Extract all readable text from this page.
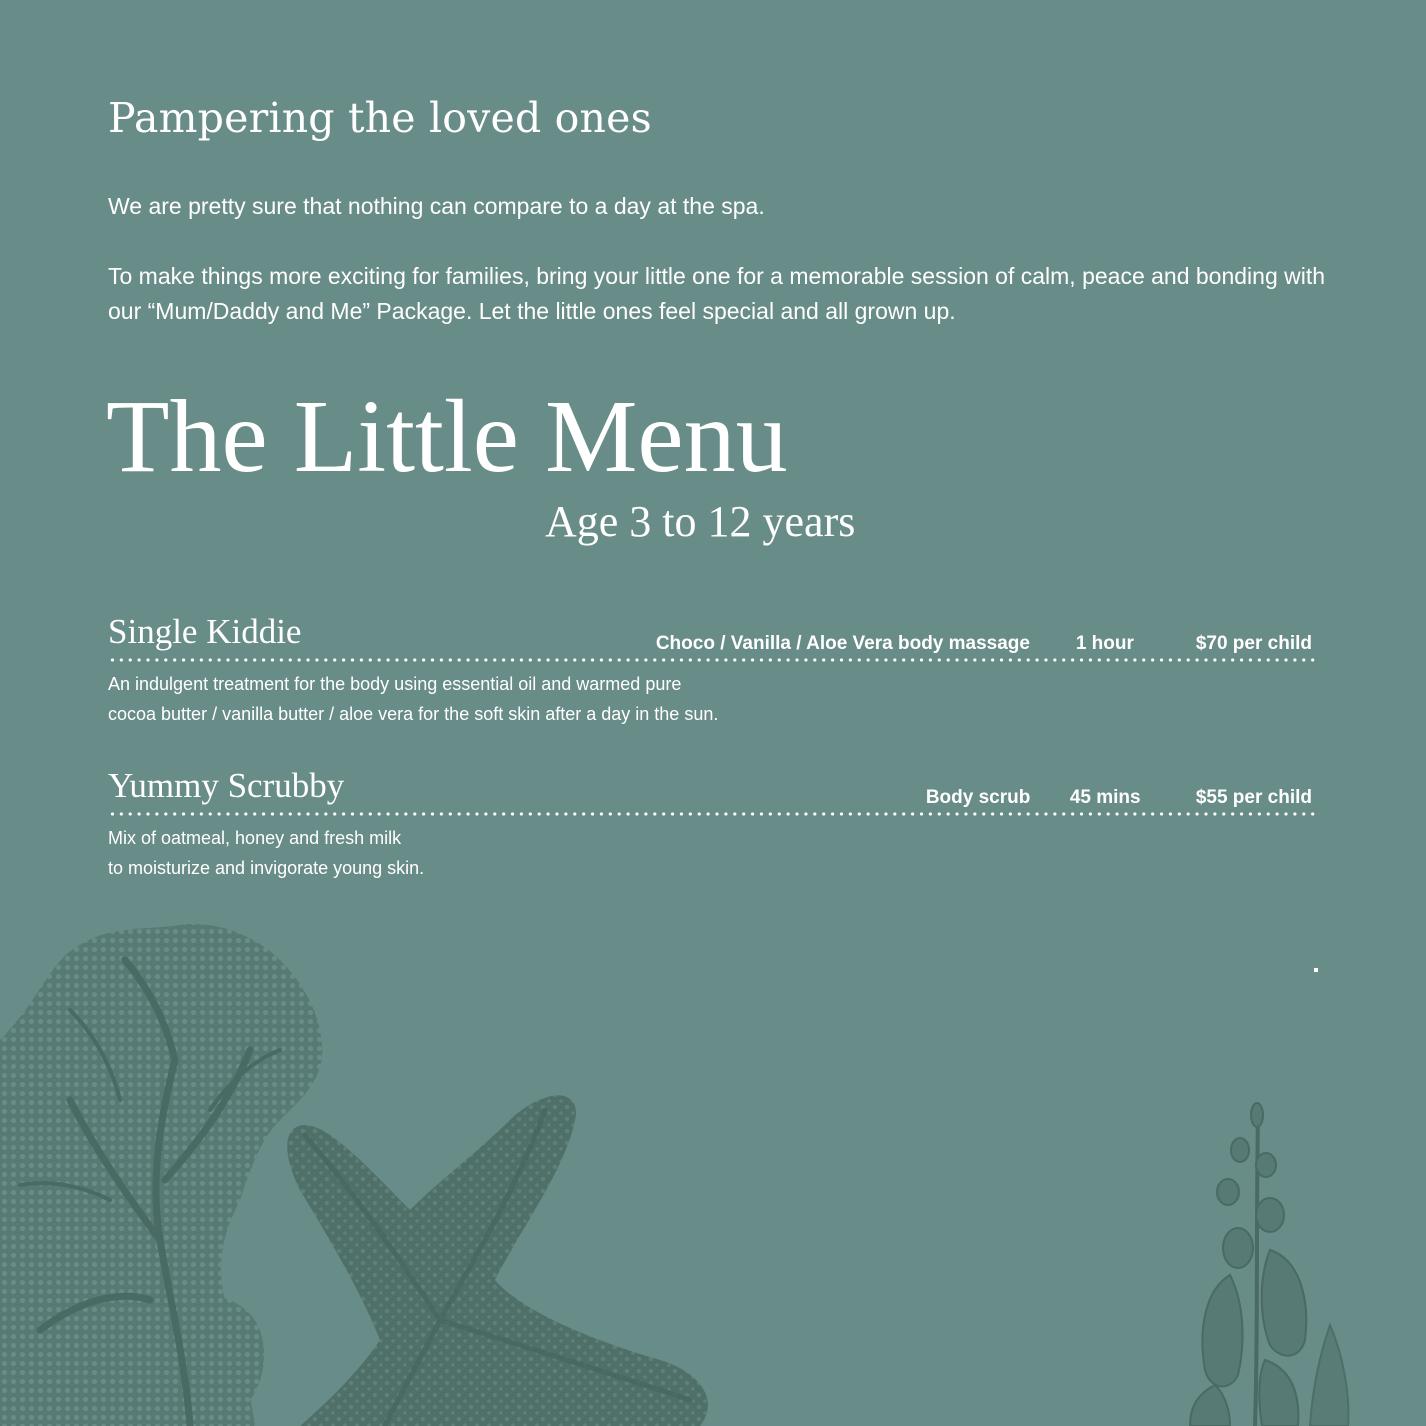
Pampering the loved ones

We are pretty sure that nothing can compare to a day at the spa.

To make things more exciting for families, bring your little one for a memorable session of calm, peace and bonding with our “Mum/Daddy and Me” Package. Let the little ones feel special and all grown up.

The Little Menu
Age 3 to 12 years
Single Kiddie	Choco / Vanilla / Aloe Vera body massage	1 hour	$70 per child

An indulgent treatment for the body using essential oil and warmed pure
cocoa butter / vanilla butter / aloe vera for the soft skin after a day in the sun.

Yummy Scrubby	Body scrub	45 mins	$55 per child

Mix of oatmeal, honey and fresh milk
to moisturize and invigorate young skin.
